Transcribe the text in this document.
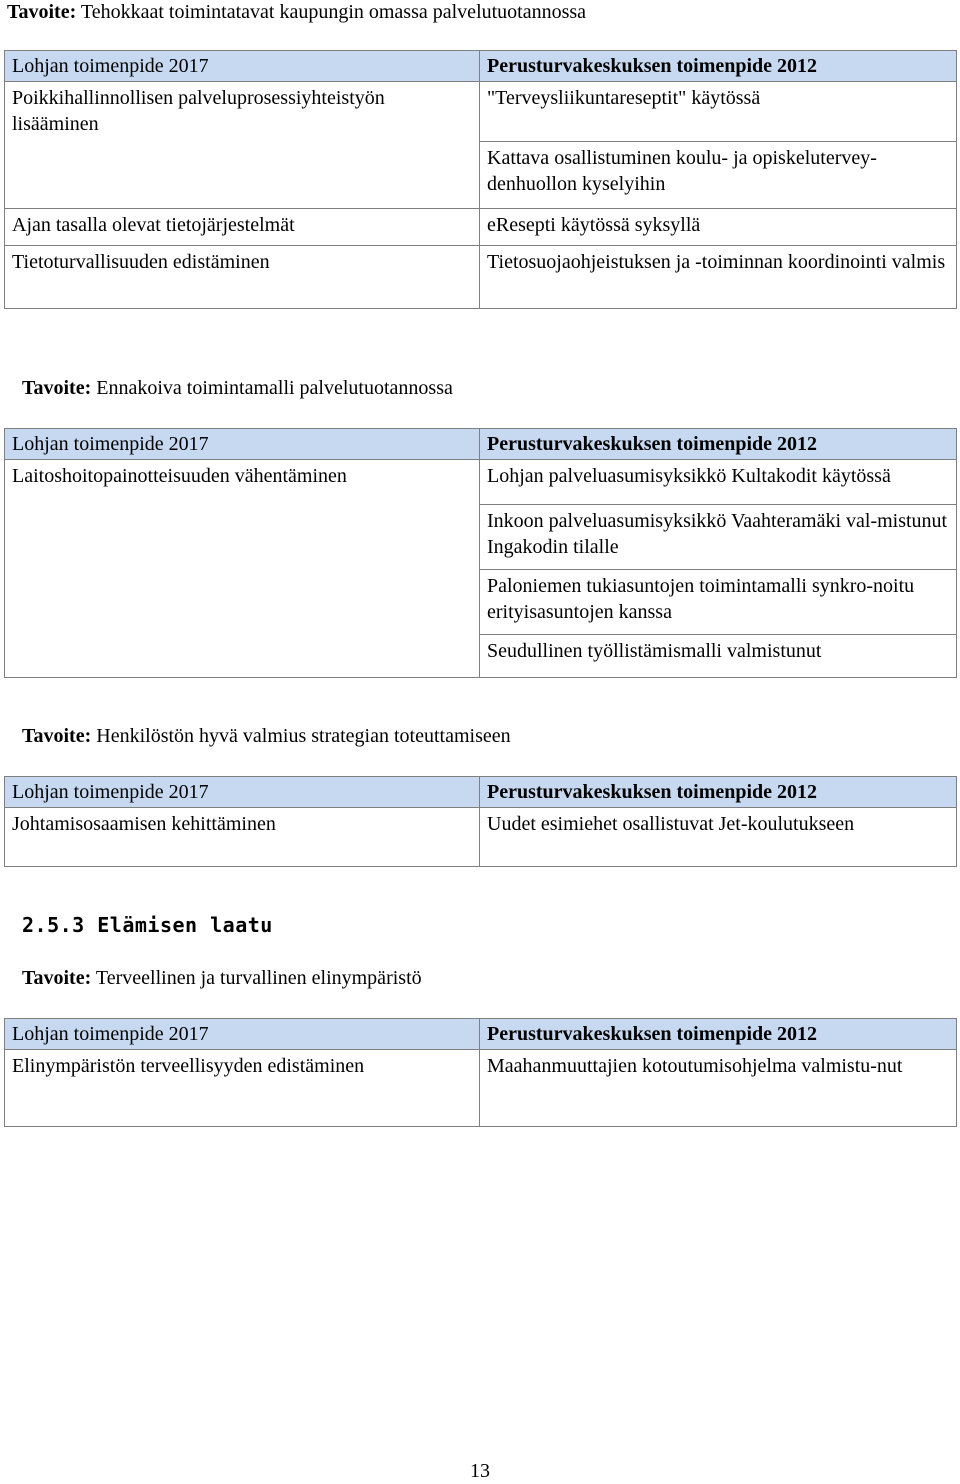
Tavoite: Tehokkaat toimintatavat kaupungin omassa palvelutuotannossa

Lohjan toimenpide 2017	Perusturvakeskuksen toimenpide 2012
Poikkihallinnollisen palveluprosessiyhteistyön lisääminen	"Terveysliikuntareseptit" käytössä
	Kattava osallistuminen koulu- ja opiskelutervey-denhuollon kyselyihin
Ajan tasalla olevat tietojärjestelmät	eResepti käytössä syksyllä
Tietoturvallisuuden edistäminen	Tietosuojaohjeistuksen ja -toiminnan koordinointi valmis

Tavoite: Ennakoiva toimintamalli palvelutuotannossa

Lohjan toimenpide 2017	Perusturvakeskuksen toimenpide 2012
Laitoshoitopainotteisuuden vähentäminen	Lohjan palveluasumisyksikkö Kultakodit käytössä
	Inkoon palveluasumisyksikkö Vaahteramäki val-mistunut Ingakodin tilalle
	Paloniemen tukiasuntojen toimintamalli synkro-noitu erityisasuntojen kanssa
	Seudullinen työllistämismalli valmistunut

Tavoite: Henkilöstön hyvä valmius strategian toteuttamiseen

Lohjan toimenpide 2017	Perusturvakeskuksen toimenpide 2012
Johtamisosaamisen kehittäminen	Uudet esimiehet osallistuvat Jet-koulutukseen
2.5.3 Elämisen laatu

Tavoite: Terveellinen ja turvallinen elinympäristö

Lohjan toimenpide 2017	Perusturvakeskuksen toimenpide 2012
Elinympäristön terveellisyyden edistäminen	Maahanmuuttajien kotoutumisohjelma valmistu-nut
13
